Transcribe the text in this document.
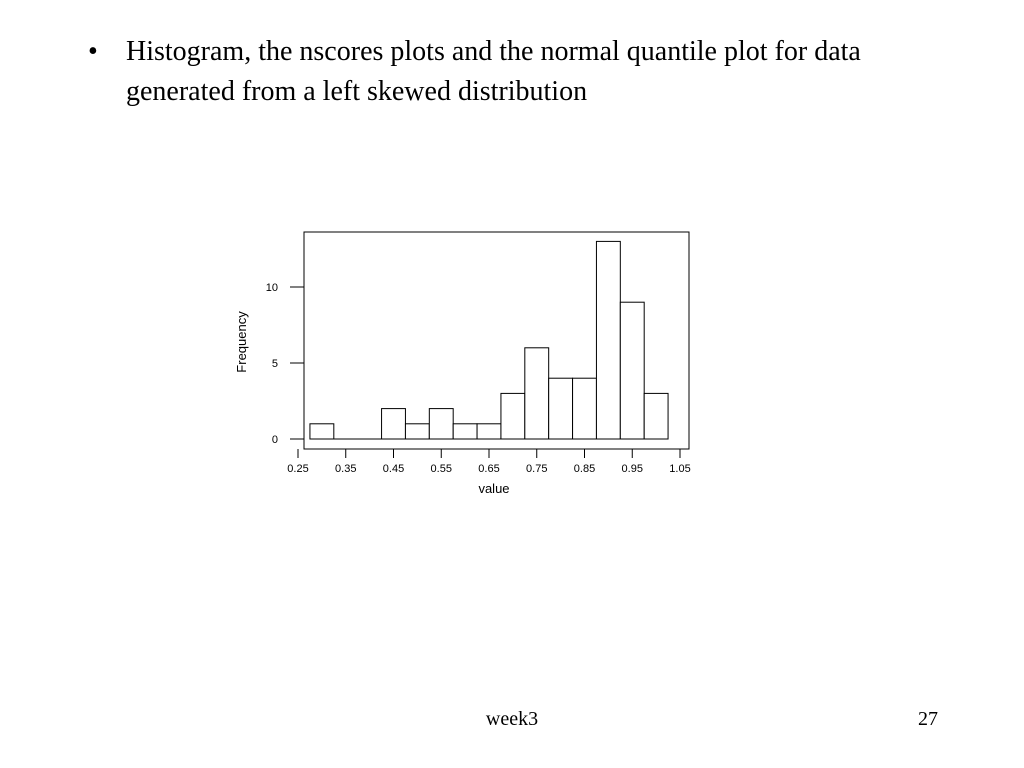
•	Histogram, the nscores plots and the normal quantile plot for data generated from a left skewed distribution
0
5
10
0.25 0.35 0.45 0.55 0.65 0.75 0.85 0.95 1.05
Frequency
value
week3	27
